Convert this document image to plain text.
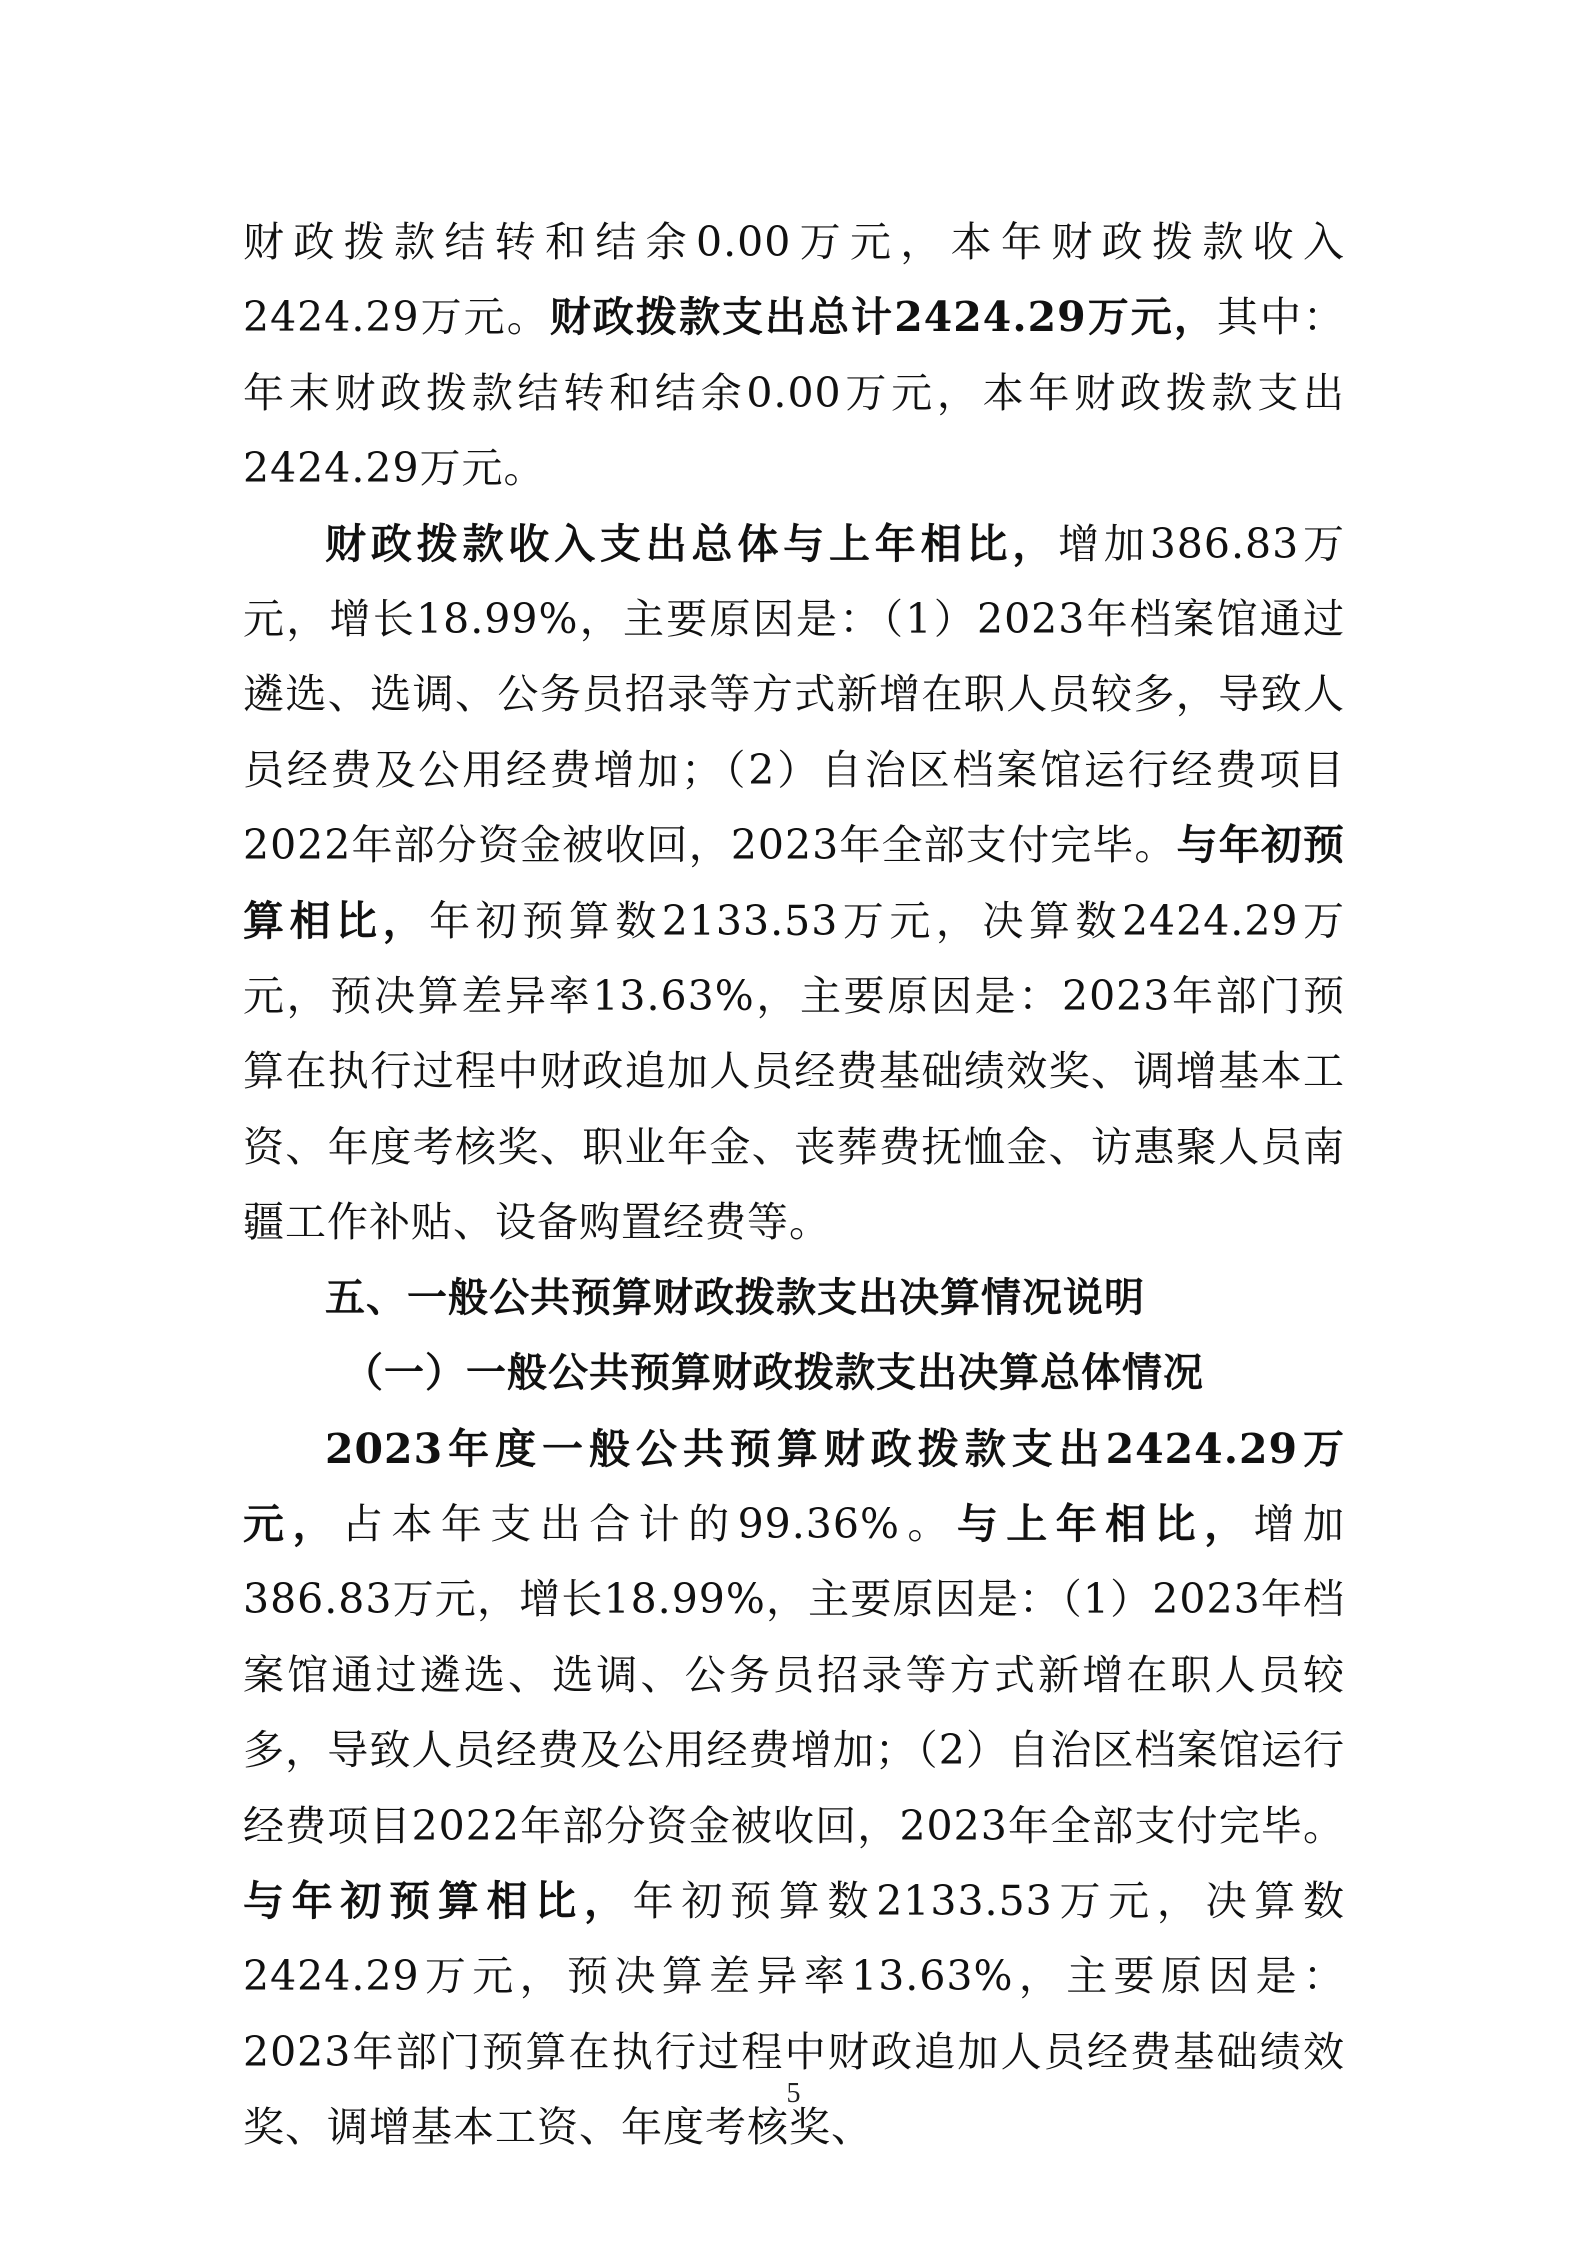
财政拨款结转和结余0.00万元，本年财政拨款收入2424.29万元。财政拨款支出总计2424.29万元，其中：年末财政拨款结转和结余0.00万元，本年财政拨款支出2424.29万元。

财政拨款收入支出总体与上年相比，增加386.83万元，增长18.99%，主要原因是：（1）2023年档案馆通过遴选、选调、公务员招录等方式新增在职人员较多，导致人员经费及公用经费增加；（2）自治区档案馆运行经费项目2022年部分资金被收回，2023年全部支付完毕。与年初预算相比，年初预算数2133.53万元，决算数2424.29万元，预决算差异率13.63%，主要原因是：2023年部门预算在执行过程中财政追加人员经费基础绩效奖、调增基本工资、年度考核奖、职业年金、丧葬费抚恤金、访惠聚人员南疆工作补贴、设备购置经费等。

五、一般公共预算财政拨款支出决算情况说明
（一）一般公共预算财政拨款支出决算总体情况

2023年度一般公共预算财政拨款支出2424.29万元，占本年支出合计的99.36%。与上年相比，增加386.83万元，增长18.99%，主要原因是：（1）2023年档案馆通过遴选、选调、公务员招录等方式新增在职人员较多，导致人员经费及公用经费增加；（2）自治区档案馆运行经费项目2022年部分资金被收回，2023年全部支付完毕。与年初预算相比，年初预算数2133.53万元，决算数2424.29万元，预决算差异率13.63%，主要原因是：2023年部门预算在执行过程中财政追加人员经费基础绩效奖、调增基本工资、年度考核奖、

5
